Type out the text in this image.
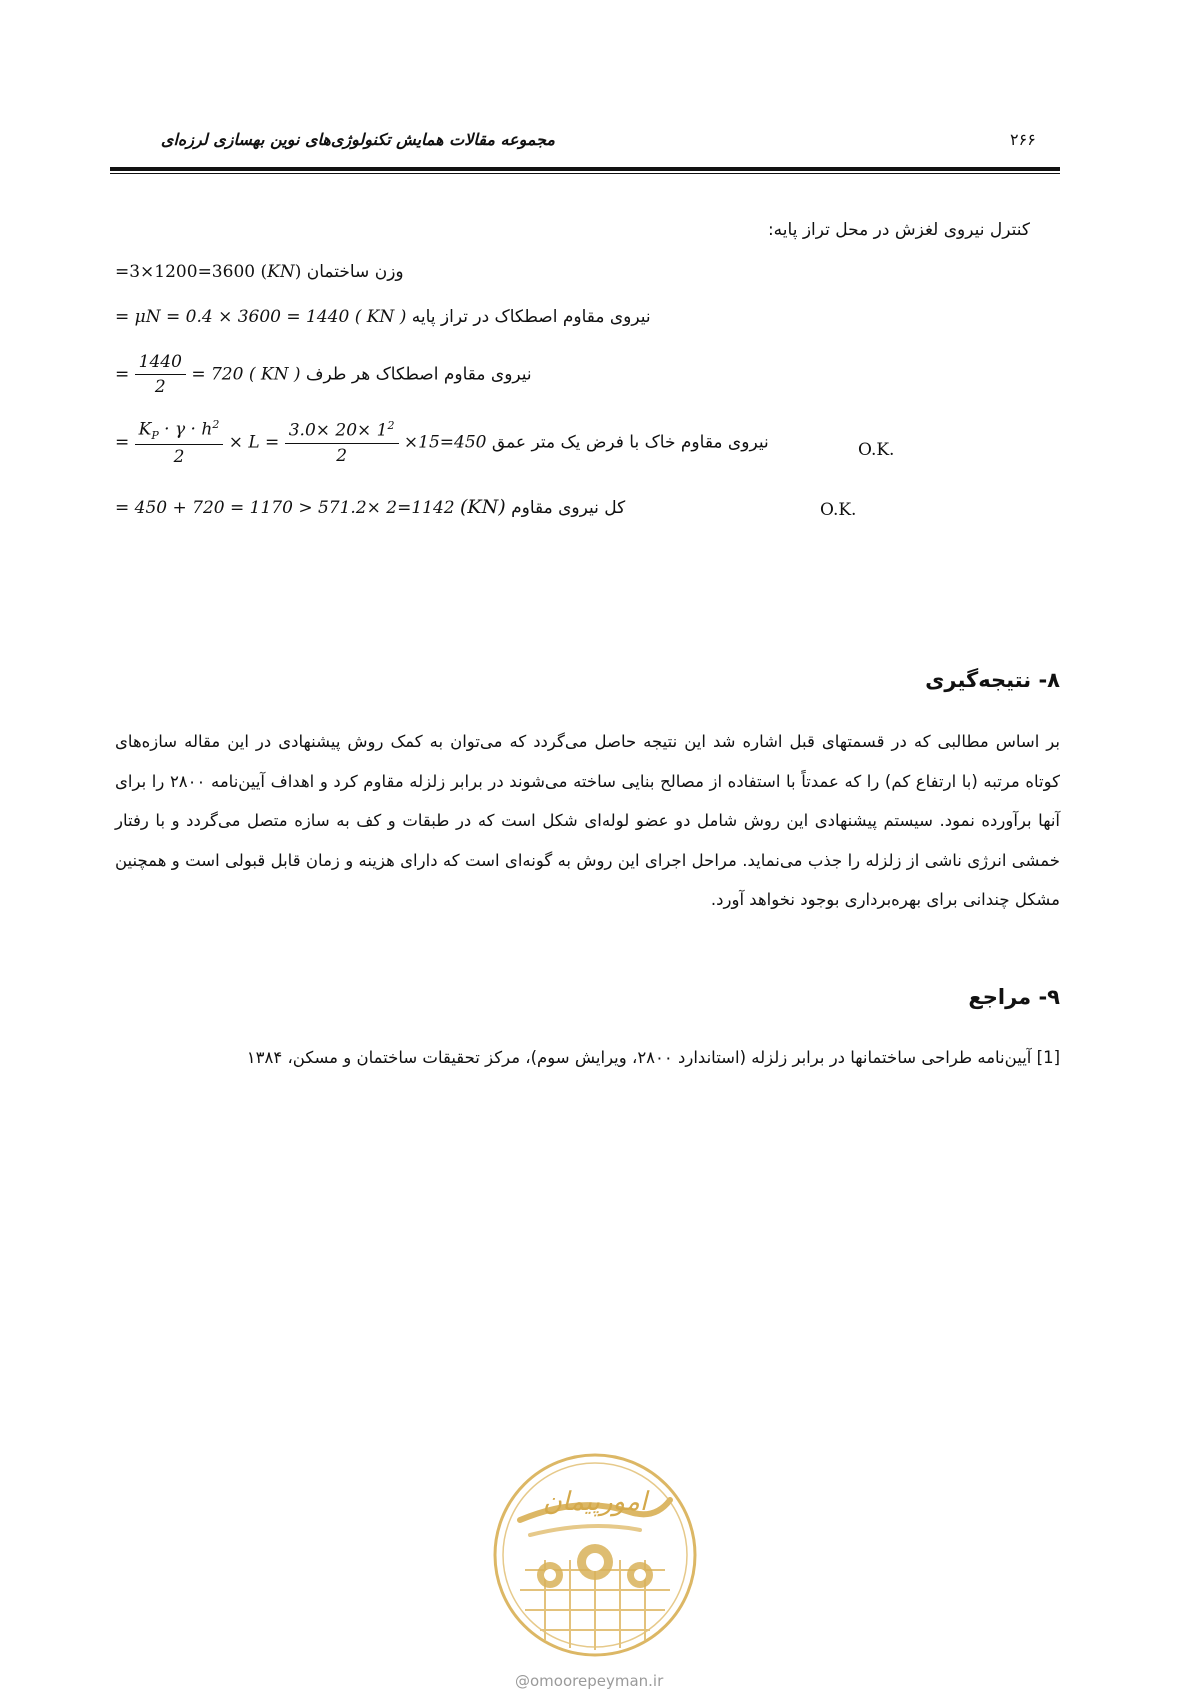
مجموعه مقالات همایش تکنولوژی‌های نوین بهسازی لرزه‌ای	۲۶۶
کنترل نیروی لغزش در محل تراز پایه:
=3×1200=3600 (KN) وزن ساختمان
= μN = 0.4 × 3600 = 1440 ( KN ) نیروی مقاوم اصطکاک در تراز پایه
= $\frac{1440}{2} = 720$ ( KN ) نیروی مقاوم اصطکاک هر طرف
= $\frac{K_P \cdot \gamma \cdot h^2}{2} \times L = \frac{3.0\times 20\times 1^2}{2} \times 15=450$ نیروی مقاوم خاک با فرض یک متر عمق	O.K.
= 450 + 720 = 1170 > 571.2× 2=1142 (KN) کل نیروی مقاوم	O.K.
۸- نتیجه‌گیری
بر اساس مطالبی که در قسمتهای قبل اشاره شد این نتیجه حاصل می‌گردد که می‌توان به کمک روش پیشنهادی در این مقاله سازه‌های کوتاه مرتبه (با ارتفاع کم) را که عمدتاً با استفاده از مصالح بنایی ساخته می‌شوند در برابر زلزله مقاوم کرد و اهداف آیین‌نامه ۲۸۰۰ را برای آنها برآورده نمود. سیستم پیشنهادی این روش شامل دو عضو لوله‌ای شکل است که در طبقات و کف به سازه متصل می‌گردد و با رفتار خمشی انرژی ناشی از زلزله را جذب می‌نماید. مراحل اجرای این روش به گونه‌ای است که دارای هزینه و زمان قابل قبولی است و همچنین مشکل چندانی برای بهره‌برداری بوجود نخواهد آورد.
۹- مراجع
[1] آیین‌نامه طراحی ساختمانها در برابر زلزله (استاندارد ۲۸۰۰، ویرایش سوم)، مرکز تحقیقات ساختمان و مسکن، ۱۳۸۴
امورپیمان
@omoorepeyman.ir
